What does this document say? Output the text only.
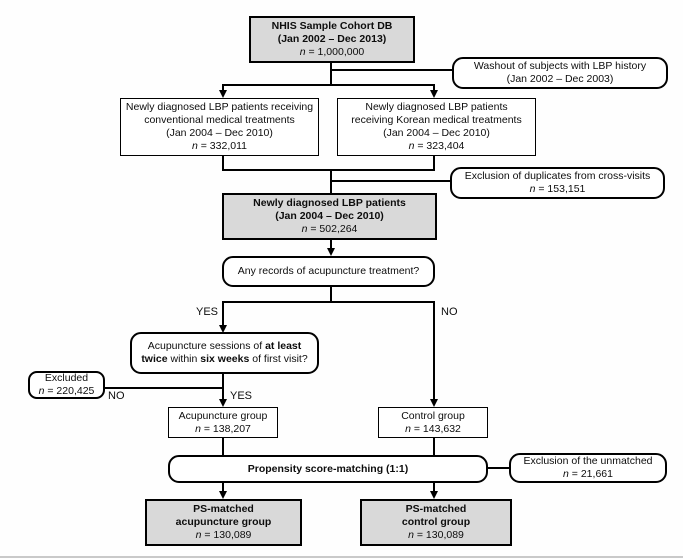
NHIS Sample Cohort DB
(Jan 2002 – Dec 2013)
n = 1,000,000
Washout of subjects with LBP history
(Jan 2002 – Dec 2003)
Newly diagnosed LBP patients receiving
conventional medical treatments
(Jan 2004 – Dec 2010)
n = 332,011
Newly diagnosed LBP patients
receiving Korean medical treatments
(Jan 2004 – Dec 2010)
n = 323,404
Exclusion of duplicates from cross-visits
n = 153,151
Newly diagnosed LBP patients
(Jan 2004 – Dec 2010)
n = 502,264
Any records of acupuncture treatment?
Acupuncture sessions of at least
twice within six weeks of first visit?
Excluded
n = 220,425
Acupuncture group
n = 138,207
Control group
n = 143,632
Propensity score-matching (1:1)
Exclusion of the unmatched
n = 21,661
PS-matched
acupuncture group
n = 130,089
PS-matched
control group
n = 130,089
YES	NO
NO	YES
